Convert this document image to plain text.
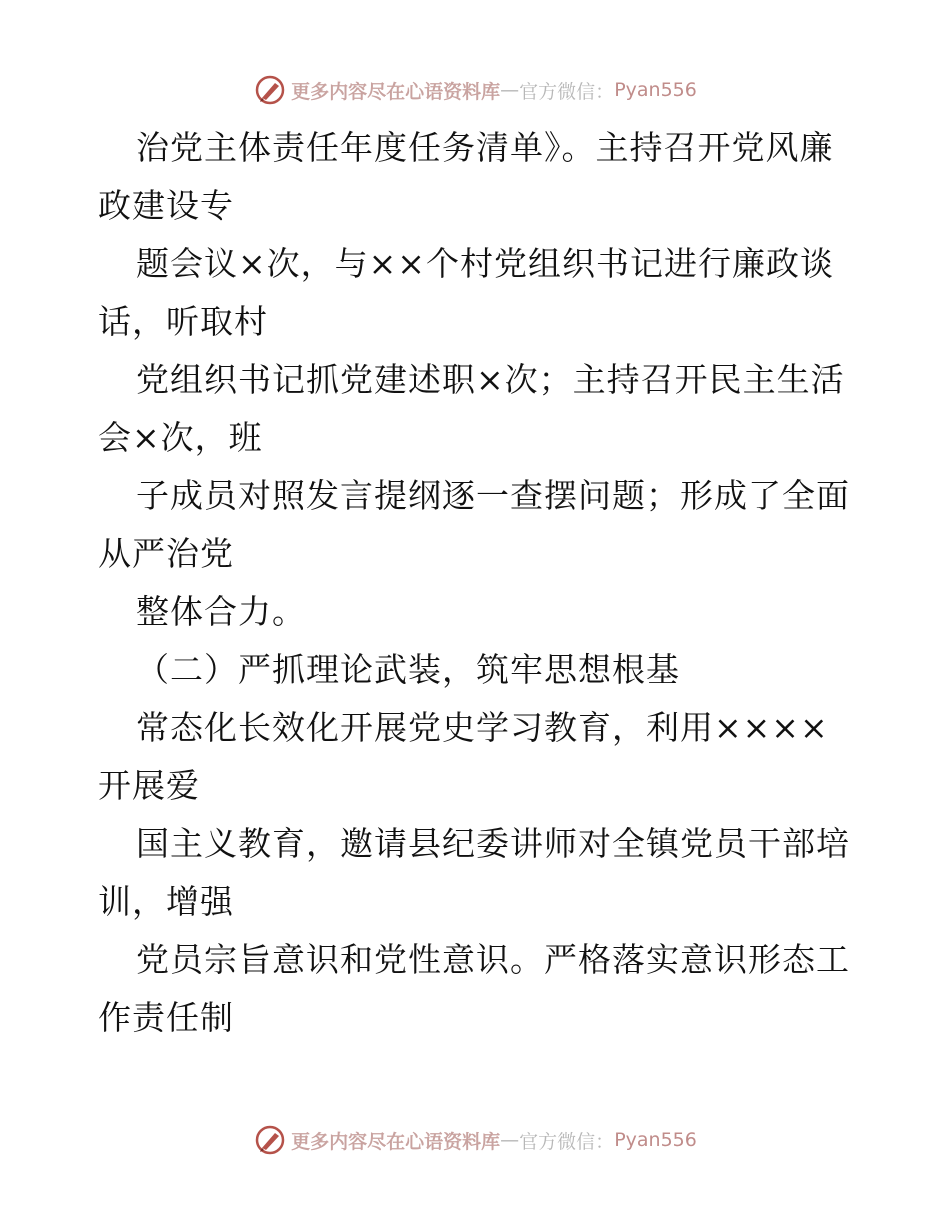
更多内容尽在心语资料库 — 官方微信： Pyan556
治党主体责任年度任务清单》。主持召开党风廉
政建设专
题会议×次，与××个村党组织书记进行廉政谈
话，听取村
党组织书记抓党建述职×次；主持召开民主生活
会×次，班
子成员对照发言提纲逐一查摆问题；形成了全面
从严治党
整体合力。
（二）严抓理论武装，筑牢思想根基
常态化长效化开展党史学习教育，利用××××
开展爱
国主义教育，邀请县纪委讲师对全镇党员干部培
训，增强
党员宗旨意识和党性意识。严格落实意识形态工
作责任制
更多内容尽在心语资料库 — 官方微信： Pyan556
